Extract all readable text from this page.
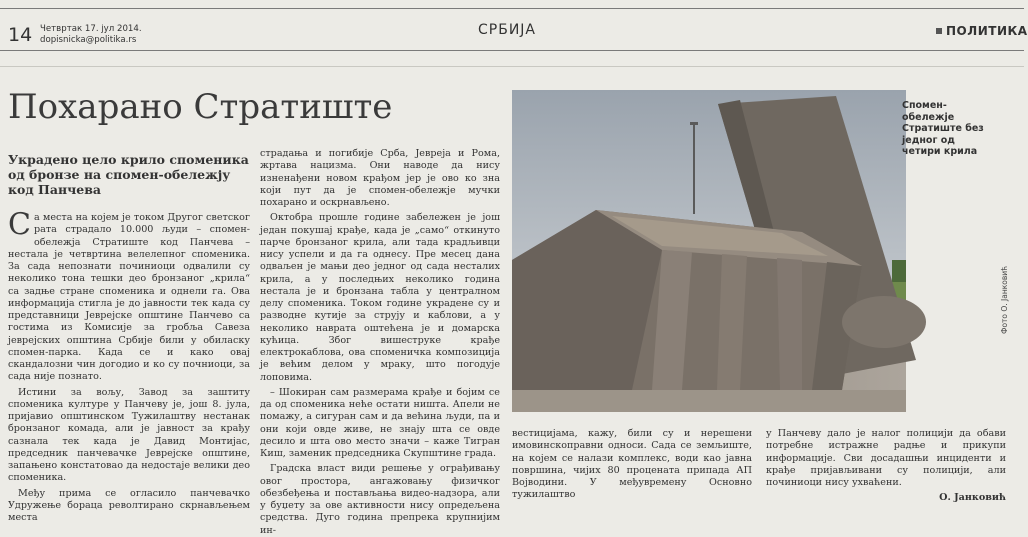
14 Четвртак 17. јул 2014.
dopisnicka@politika.rs
СРБИЈА	ПОЛИТИКА
Похарано Стратиште
Украдено цело крило споменика од бронзе на спомен-обележју код Панчева

Са места на којем је током Другог светског рата страдало 10.000 људи – спомен-обележја Стратиште код Панчева – нестала је четвртина велелепног споменика. За сада непознати починиоци одвалили су неколико тона тешки део бронзаног „крила“ са задње стране споменика и однели га. Ова информација стигла је до јавности тек када су представници Јеврејске општине Панчево са гостима из Комисије за гробља Савеза јеврејских општина Србије били у обиласку спомен-парка. Када се и како овај скандалозни чин догодио и ко су почниоци, за сада није познато.

Истини за вољу, Завод за заштиту споменика културе у Панчеву је, још 8. јула, пријавио општинском Тужилаштву нестанак бронзаног комада, али је јавност за крађу сазнала тек када је Давид Монтијас, председник панчевачке Јеврејске општине, запањено констатовао да недостаје велики део споменика.

Међу прима се огласило панчевачко Удружење бораца револтирано скрнављењем места

страдања и погибије Срба, Јевреја и Рома, жртава нацизма. Они наводе да нису изненађени новом крађом јер је ово ко зна који пут да је спомен-обележје мучки похарано и оскрнављено.

Октобра прошле године забележен је још један покушај крађе, када је „само“ откинуто парче бронзаног крила, али тада крадљивци нису успели и да га однесу. Пре месец дана одваљен је мањи део једног од сада несталих крила, а у последњих неколико година нестала је и бронзана табла у централном делу споменика. Током године украдене су и разводне кутије за струју и каблови, а у неколико наврата оштећена је и домарска кућица. Због вишеструке крађе електрокаблова, ова споменичка композиција је већим делом у мраку, што погодује лоповима.

– Шокиран сам размерама крађе и бојим се да од споменика неће остати ништа. Апели не помажу, а сигуран сам и да већина људи, па и они који овде живе, не знају шта се овде десило и шта ово место значи – каже Тигран Киш, заменик председника Скупштине града.

Градска власт види решење у ограђивању овог простора, ангажовању физичког обезбеђења и постављања видео-надзора, али у буџету за ове активности нису опредељена средства. Дуго година препрека крупнијим ин-

Спомен-обележје Стратиште без једног од четири крила
Фото О. Јанковић

вестицијама, кажу, били су и нерешени имовинскоправни односи. Сада се земљиште, на којем се налази комплекс, води као јавна површина, чијих 80 процената припада АП Војводини. У међувремену Основно тужилаштво

у Панчеву дало је налог полицији да обави потребне истражне радње и прикупи информације. Сви досадашњи инциденти и крађе пријављивани су полицији, али починиоци нису ухваћени.

О. Јанковић
